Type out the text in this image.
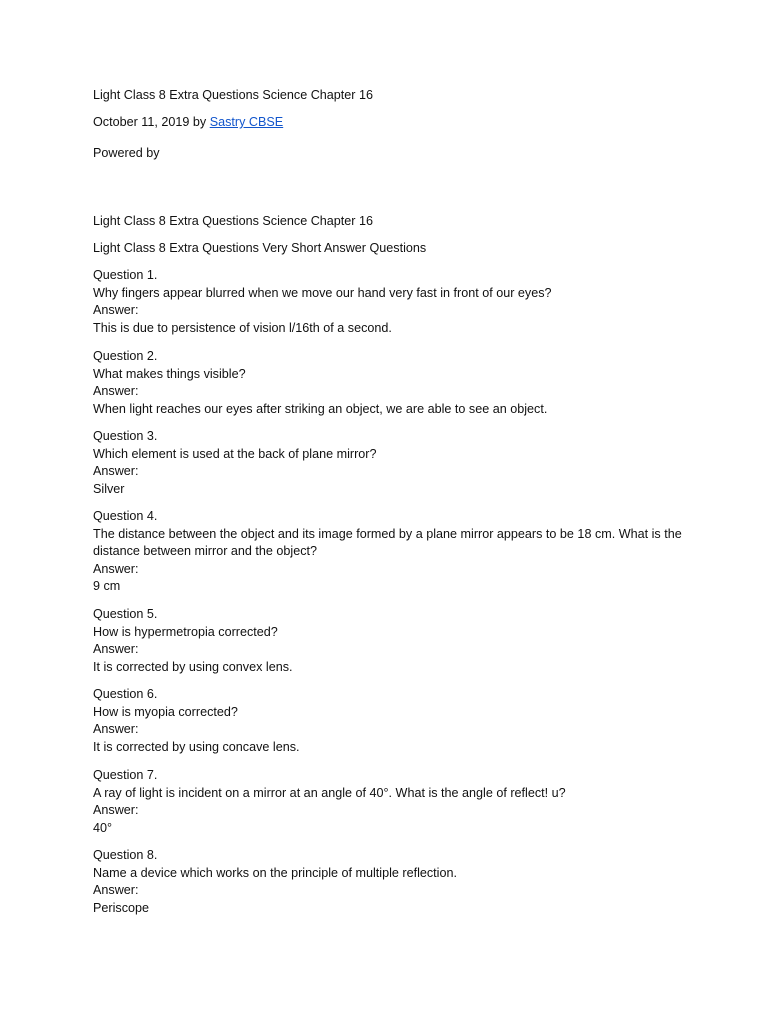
Light Class 8 Extra Questions Science Chapter 16

October 11, 2019 by Sastry CBSE

Powered by

Light Class 8 Extra Questions Science Chapter 16

Light Class 8 Extra Questions Very Short Answer Questions

Question 1.
Why fingers appear blurred when we move our hand very fast in front of our eyes?
Answer:
This is due to persistence of vision l/16th of a second.
Question 2.
What makes things visible?
Answer:
When light reaches our eyes after striking an object, we are able to see an object.
Question 3.
Which element is used at the back of plane mirror?
Answer:
Silver
Question 4.
The distance between the object and its image formed by a plane mirror appears to be 18 cm. What is the distance between mirror and the object?
Answer:
9 cm
Question 5.
How is hypermetropia corrected?
Answer:
It is corrected by using convex lens.
Question 6.
How is myopia corrected?
Answer:
It is corrected by using concave lens.
Question 7.
A ray of light is incident on a mirror at an angle of 40°. What is the angle of reflect! u?
Answer:
40°
Question 8.
Name a device which works on the principle of multiple reflection.
Answer:
Periscope
